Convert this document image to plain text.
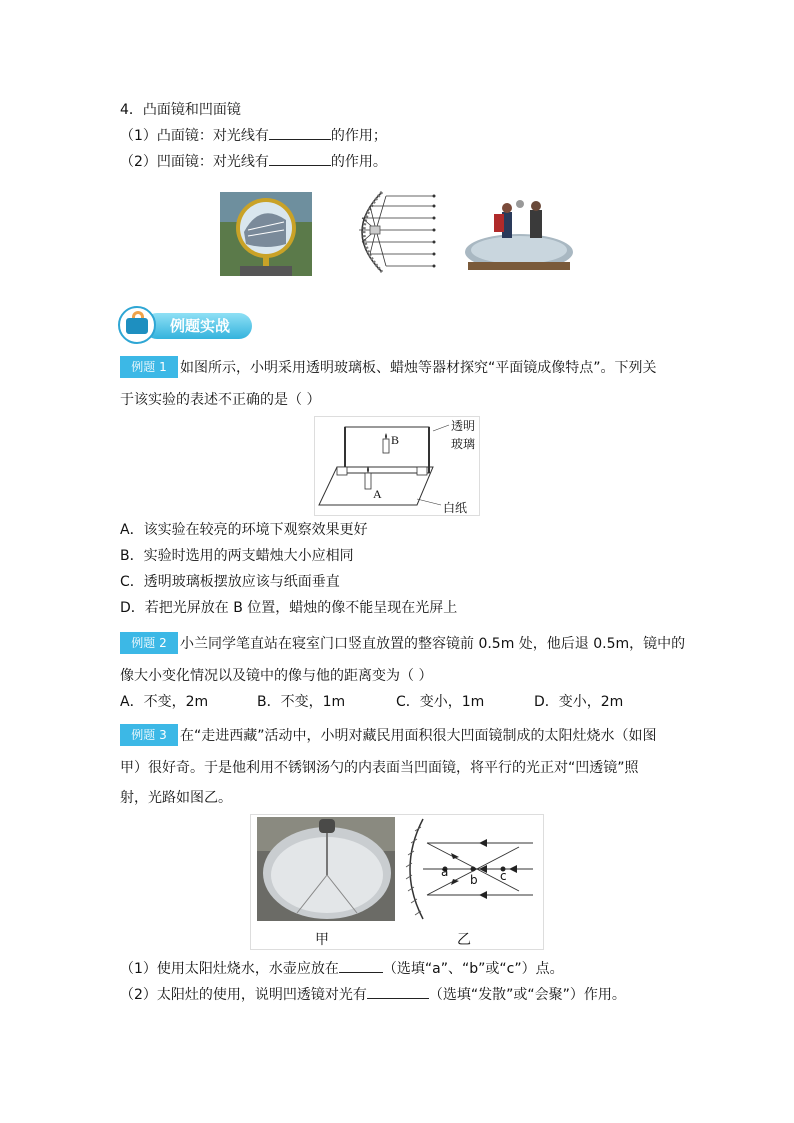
4．凸面镜和凹面镜
（1）凸面镜：对光线有	的作用；
（2）凹面镜：对光线有	的作用。
例题实战
例题 1 如图所示，小明采用透明玻璃板、蜡烛等器材探究“平面镜成像特点”。下列关
于该实验的表述不正确的是（ ）
B
A
透明
玻璃
白纸
A．该实验在较亮的环境下观察效果更好
B．实验时选用的两支蜡烛大小应相同
C．透明玻璃板摆放应该与纸面垂直
D．若把光屏放在 B 位置，蜡烛的像不能呈现在光屏上
例题 2 小兰同学笔直站在寝室门口竖直放置的整容镜前 0.5m 处，他后退 0.5m，镜中的
像大小变化情况以及镜中的像与他的距离变为（ ）
A．不变，2m	B．不变，1m	C．变小，1m	D．变小，2m
例题 3 在“走进西藏”活动中，小明对藏民用面积很大凹面镜制成的太阳灶烧水（如图
甲）很好奇。于是他利用不锈钢汤勺的内表面当凹面镜，将平行的光正对“凹透镜”照
射，光路如图乙。
a
b c
甲	乙
（1）使用太阳灶烧水，水壶应放在	（选填“a”、“b”或“c”）点。
（2）太阳灶的使用，说明凹透镜对光有	（选填“发散”或“会聚”）作用。
